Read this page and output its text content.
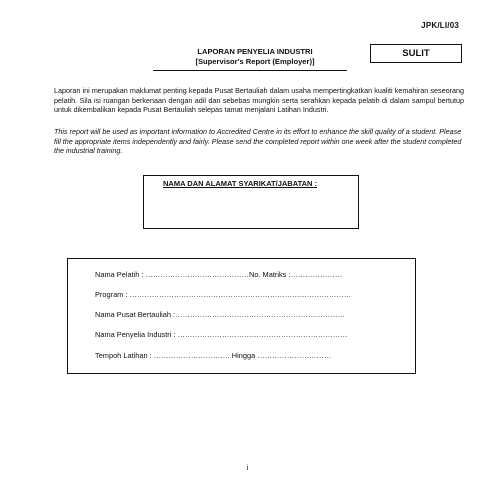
JPK/LI/03
LAPORAN PENYELIA INDUSTRI
[Supervisor's Report (Employer)]
SULIT
Laporan ini merupakan maklumat penting kepada Pusat Bertauliah dalam usaha mempertingkatkan kualiti kemahiran seseorang pelatih. Sila isi ruangan berkenaan dengan adil dan sebebas mungkin serta serahkan kepada pelatih di dalam sampul bertutup untuk dikembalikan kepada Pusat Bertauliah selepas tamat menjalani Latihan Industri.
This report will be used as important information to Accredited Centre in its effort to enhance the skill quality of a student. Please fill the appropriate items independently and fairly. Please send the completed report within one week after the student completed the industrial training.
NAMA DAN ALAMAT SYARIKAT/JABATAN :
Nama Pelatih : ……………………………………No. Matriks :…………………
Program : ………………………………………………………………………………
Nama Pusat Bertauliah :……………………………………………………………
Nama Penyelia Industri : ……………………………………………………………
Tempoh Latihan : …………………………. Hingga …………………………
i
